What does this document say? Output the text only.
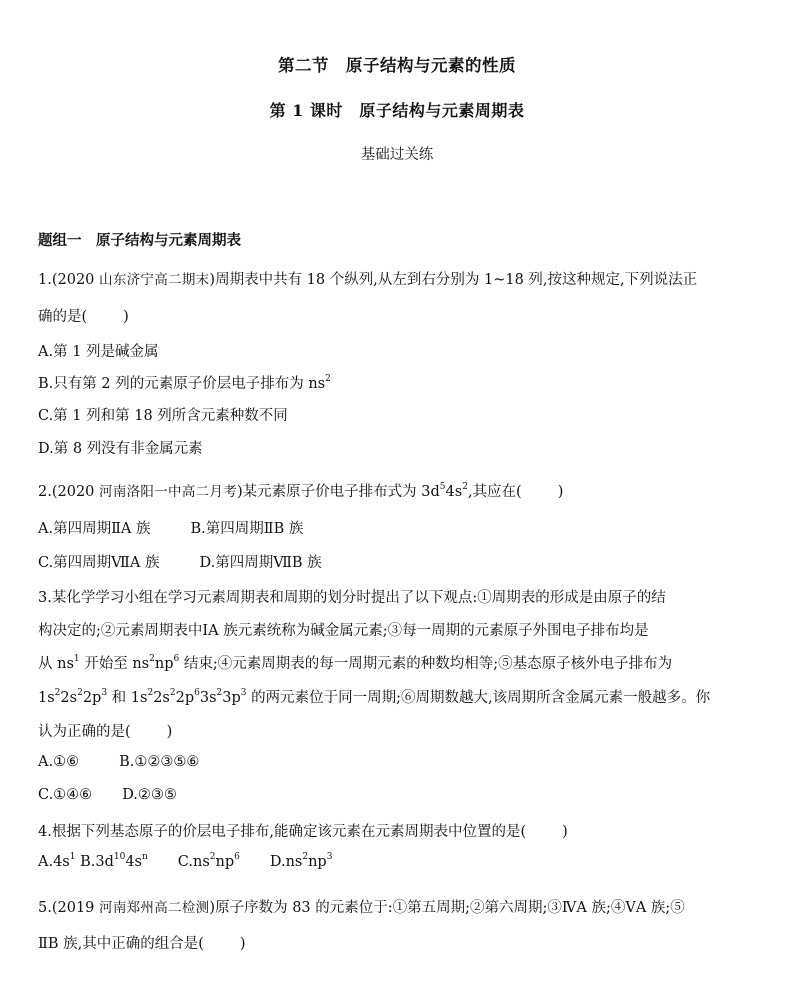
第二节　原子结构与元素的性质
第 1 课时　原子结构与元素周期表
基础过关练
题组一　原子结构与元素周期表
1.(2020 山东济宁高二期末)周期表中共有 18 个纵列,从左到右分别为 1~18 列,按这种规定,下列说法正
确的是( )
A.第 1 列是碱金属
B.只有第 2 列的元素原子价层电子排布为 $ns^2$
C.第 1 列和第 18 列所含元素种数不同
D.第 8 列没有非金属元素
2.(2020 河南洛阳一中高二月考)某元素原子价电子排布式为 $3d^54s^2$,其应在( )
A.第四周期ⅡA 族	B.第四周期ⅡB 族
C.第四周期ⅦA 族	D.第四周期ⅦB 族
3.某化学学习小组在学习元素周期表和周期的划分时提出了以下观点:①周期表的形成是由原子的结
构决定的;②元素周期表中ⅠA 族元素统称为碱金属元素;③每一周期的元素原子外围电子排布均是
从 $ns^1$ 开始至 $ns^2np^6$ 结束;④元素周期表的每一周期元素的种数均相等;⑤基态原子核外电子排布为
$1s^22s^22p^3$ 和 $1s^22s^22p^63s^23p^3$ 的两元素位于同一周期;⑥周期数越大,该周期所含金属元素一般越多。你
认为正确的是( )
A.①⑥	B.①②③⑤⑥
C.①④⑥ D.②③⑤
4.根据下列基态原子的价层电子排布,能确定该元素在元素周期表中位置的是( )
$A.4s^1$ $B.3d^{10}4s^n$ $C.ns^2np^6$ $D.ns^2np^3$
5.(2019 河南郑州高二检测)原子序数为 83 的元素位于:①第五周期;②第六周期;③ⅣA 族;④ⅤA 族;⑤
ⅡB 族,其中正确的组合是( )
